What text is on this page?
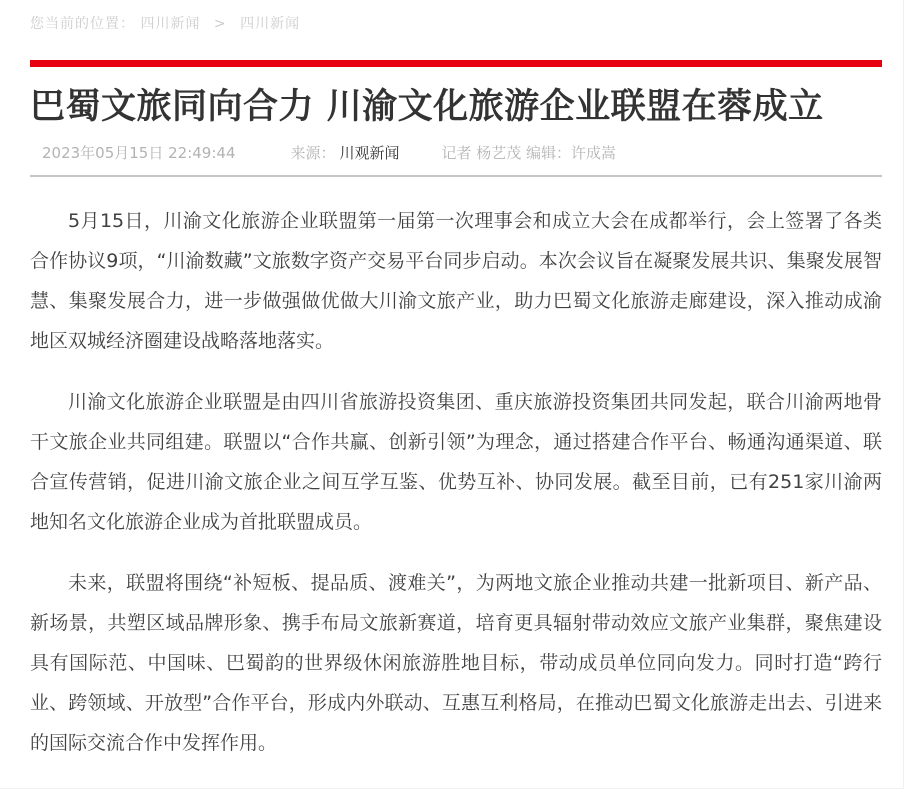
您当前的位置： 四川新闻 > 四川新闻
巴蜀文旅同向合力 川渝文化旅游企业联盟在蓉成立
2023年05月15日 22:49:44	来源： 川观新闻	记者 杨艺茂 编辑：许成嵩

5月15日，川渝文化旅游企业联盟第一届第一次理事会和成立大会在成都举行，会上签署了各类合作协议9项，“川渝数藏”文旅数字资产交易平台同步启动。本次会议旨在凝聚发展共识、集聚发展智慧、集聚发展合力，进一步做强做优做大川渝文旅产业，助力巴蜀文化旅游走廊建设，深入推动成渝地区双城经济圈建设战略落地落实。

川渝文化旅游企业联盟是由四川省旅游投资集团、重庆旅游投资集团共同发起，联合川渝两地骨干文旅企业共同组建。联盟以“合作共赢、创新引领”为理念，通过搭建合作平台、畅通沟通渠道、联合宣传营销，促进川渝文旅企业之间互学互鉴、优势互补、协同发展。截至目前，已有251家川渝两地知名文化旅游企业成为首批联盟成员。

未来，联盟将围绕“补短板、提品质、渡难关”，为两地文旅企业推动共建一批新项目、新产品、新场景，共塑区域品牌形象、携手布局文旅新赛道，培育更具辐射带动效应文旅产业集群，聚焦建设具有国际范、中国味、巴蜀韵的世界级休闲旅游胜地目标，带动成员单位同向发力。同时打造“跨行业、跨领域、开放型”合作平台，形成内外联动、互惠互利格局，在推动巴蜀文化旅游走出去、引进来的国际交流合作中发挥作用。
